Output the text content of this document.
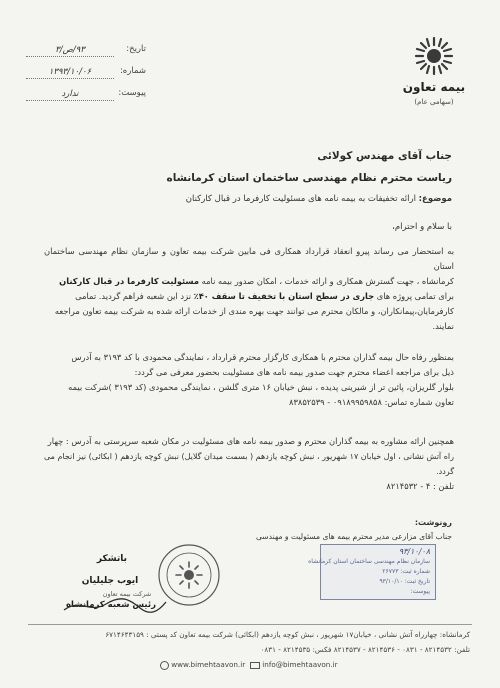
تاریخ:
۹۳/ص/۳
شماره:
۱۳۹۳/۱۰/۰۶
پیوست:
ندارد	بیمه تعاون
(سهامی عام)
جناب آقای مهندس کولائی
ریاست محترم نظام مهندسی ساختمان استان کرمانشاه
موضوع: ارائه تخفیفات به بیمه نامه های مسئولیت کارفرما در قبال کارکنان
با سلام و احترام،
به استحضار می رساند پیرو انعقاد قرارداد همکاری فی مابین شرکت بیمه تعاون و سازمان نظام مهندسی ساختمان استان
کرمانشاه ، جهت گسترش همکاری و ارائه خدمات ، امکان صدور بیمه نامه مسئولیت کارفرما در قبال کارکنان
برای تمامی پروژه های جاری در سطح استان با تخفیف تا سقف ۴۰٪ نزد این شعبه فراهم گردید. تمامی
کارفرمایان،پیمانکاران، و مالکان محترم می توانند جهت بهره مندی از خدمات ارائه شده به شرکت بیمه تعاون مراجعه
نمایند.
بمنظور رفاه حال بیمه گذاران محترم با همکاری کارگزار محترم قرارداد ، نمایندگی محمودی با کد ۳۱۹۳ به آدرس
ذیل برای مراجعه اعضاء محترم جهت صدور بیمه نامه های مسئولیت بحضور معرفی می گردد:
بلوار گلریزان، پائین تر از شیرینی پدیده ، نبش خیابان ۱۶ متری گلشن ، نمایندگی محمودی (کد ۳۱۹۳ )شرکت بیمه
تعاون شماره تماس: ۰۹۱۸۹۹۵۹۸۵۸ - ۸۳۸۵۲۵۳۹
همچنین ارائه مشاوره به بیمه گذاران محترم و صدور بیمه نامه های مسئولیت در مکان شعبه سرپرستی به آدرس : چهار
راه آتش نشانی ، اول خیابان ۱۷ شهریور ، نبش کوچه یازدهم ( بسمت میدان گلایل) نبش کوچه یازدهم ( ابکائی) نیز انجام می گردد.
تلفن : ۴ - ۸۲۱۴۵۳۲
رونوشت:
جناب آقای مزارعی مدیر محترم بیمه های مسئولیت و مهندسی
باتشکر
ایوب جلیلیان
رئیس شعبه کرمانشاه
شرکت بیمه تعاون
۹۳/۱۰/۰۸
سازمان نظام مهندسی ساختمان استان کرمانشاه
شماره ثبت: ۲۶۷۷۳
تاریخ ثبت: ۹۳/۱۰/۱۰
پیوست:
کرمانشاه: چهارراه آتش نشانی ، خیابان۱۷ شهریور ، نبش کوچه یازدهم (ابکائی) شرکت بیمه تعاون کد پستی : ۶۷۱۴۶۴۳۱۵۹
تلفن: ۸۲۱۴۵۳۲ - ۰۸۳۱ - ۸۲۱۴۵۳۶ - ۸۲۱۴۵۳۷ فکس: ۸۲۱۴۵۳۵ - ۰۸۳۱
www.bimehtaavon.ir	info@bimehtaavon.ir
